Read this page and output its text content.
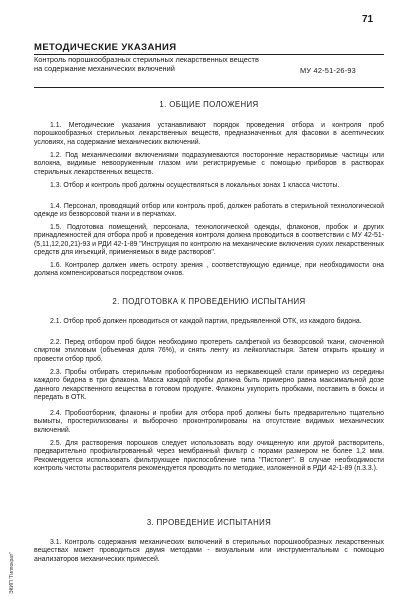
71
МЕТОДИЧЕСКИЕ УКАЗАНИЯ
Контроль порошкообразных стерильных лекарственных веществ на содержание механических включений	МУ 42-51-26-93
1. ОБЩИЕ ПОЛОЖЕНИЯ

1.1. Методические указания устанавливают порядок проведения отбора и контроля проб порошкообразных стерильных лекарственных веществ, предназначенных для фасовки в асептических условиях, на содержание механических включений.

1.2. Под механическими включениями подразумеваются посторонние нерастворимые частицы или волокна, видимые невооруженным глазом или регистрируемые с помощью приборов в растворах стерильных лекарственных веществ.

1.3. Отбор и контроль проб должны осуществляться в локальных зонах 1 класса чистоты.

1.4. Персонал, проводящий отбор или контроль проб, должен работать в стерильной технологической одежде из безворсовой ткани и в перчатках.

1.5. Подготовка помещений, персонала, технологической одежды, флаконов, пробок и других принадлежностей для отбора проб и проведения контроля должна проводиться в соответствии с МУ 42-51-(5,11,12,20,21)-93 и РДИ 42-1-89 "Инструкция по контролю на механические включения сухих лекарственных средств для инъекций, применяемых в виде растворов".

1.6. Контролер должен иметь остроту зрения , соответствующую единице, при необходимости она должна компенсироваться посредством очков.

2. ПОДГОТОВКА К ПРОВЕДЕНИЮ ИСПЫТАНИЯ

2.1. Отбор проб должен проводиться от каждой партии, предъявленной ОТК, из каждого бидона.

2.2. Перед отбором проб бидон необходимо протереть салфеткой из безворсовой ткани, смоченной спиртом этиловым (объемная доля 76%), и снять ленту из лейкопластыря. Затем открыть крышку и провести отбор проб.

2.3. Пробы отбирать стерильным пробоотборником из нержавеющей стали примерно из середины каждого бидона в три флакона. Масса каждой пробы должна быть примерно равна максимальной дозе данного лекарственного вещества в готовом продукте. Флаконы укупорить пробками, поставить в боксы и передать в ОТК.

2.4. Пробоотборник, флаконы и пробки для отбора проб должны быть предварительно тщательно вымыты, простерилизованы и выборочно проконтролированы на отсутствие видимых механических включений.

2.5. Для растворения порошков следует использовать воду очищенную или другой растворитель, предварительно профильтрованный через мембранный фильтр с порами размером не более 1,2 мкм. Рекомендуется использовать фильтрующее приспособление типа "Пистолет". В случае необходимости контроль чистоты растворителя рекомендуется проводить по методике, изложенной в РДИ 42-1-89 (п.3.3.).

3. ПРОВЕДЕНИЕ ИСПЫТАНИЯ

3.1. Контроль содержания механических включений в стерильных порошкообразных лекарственных веществах может проводиться двумя методами - визуальным или инструментальным с помощью анализаторов механических примесей.

ЭКИП "Гиппократ"
